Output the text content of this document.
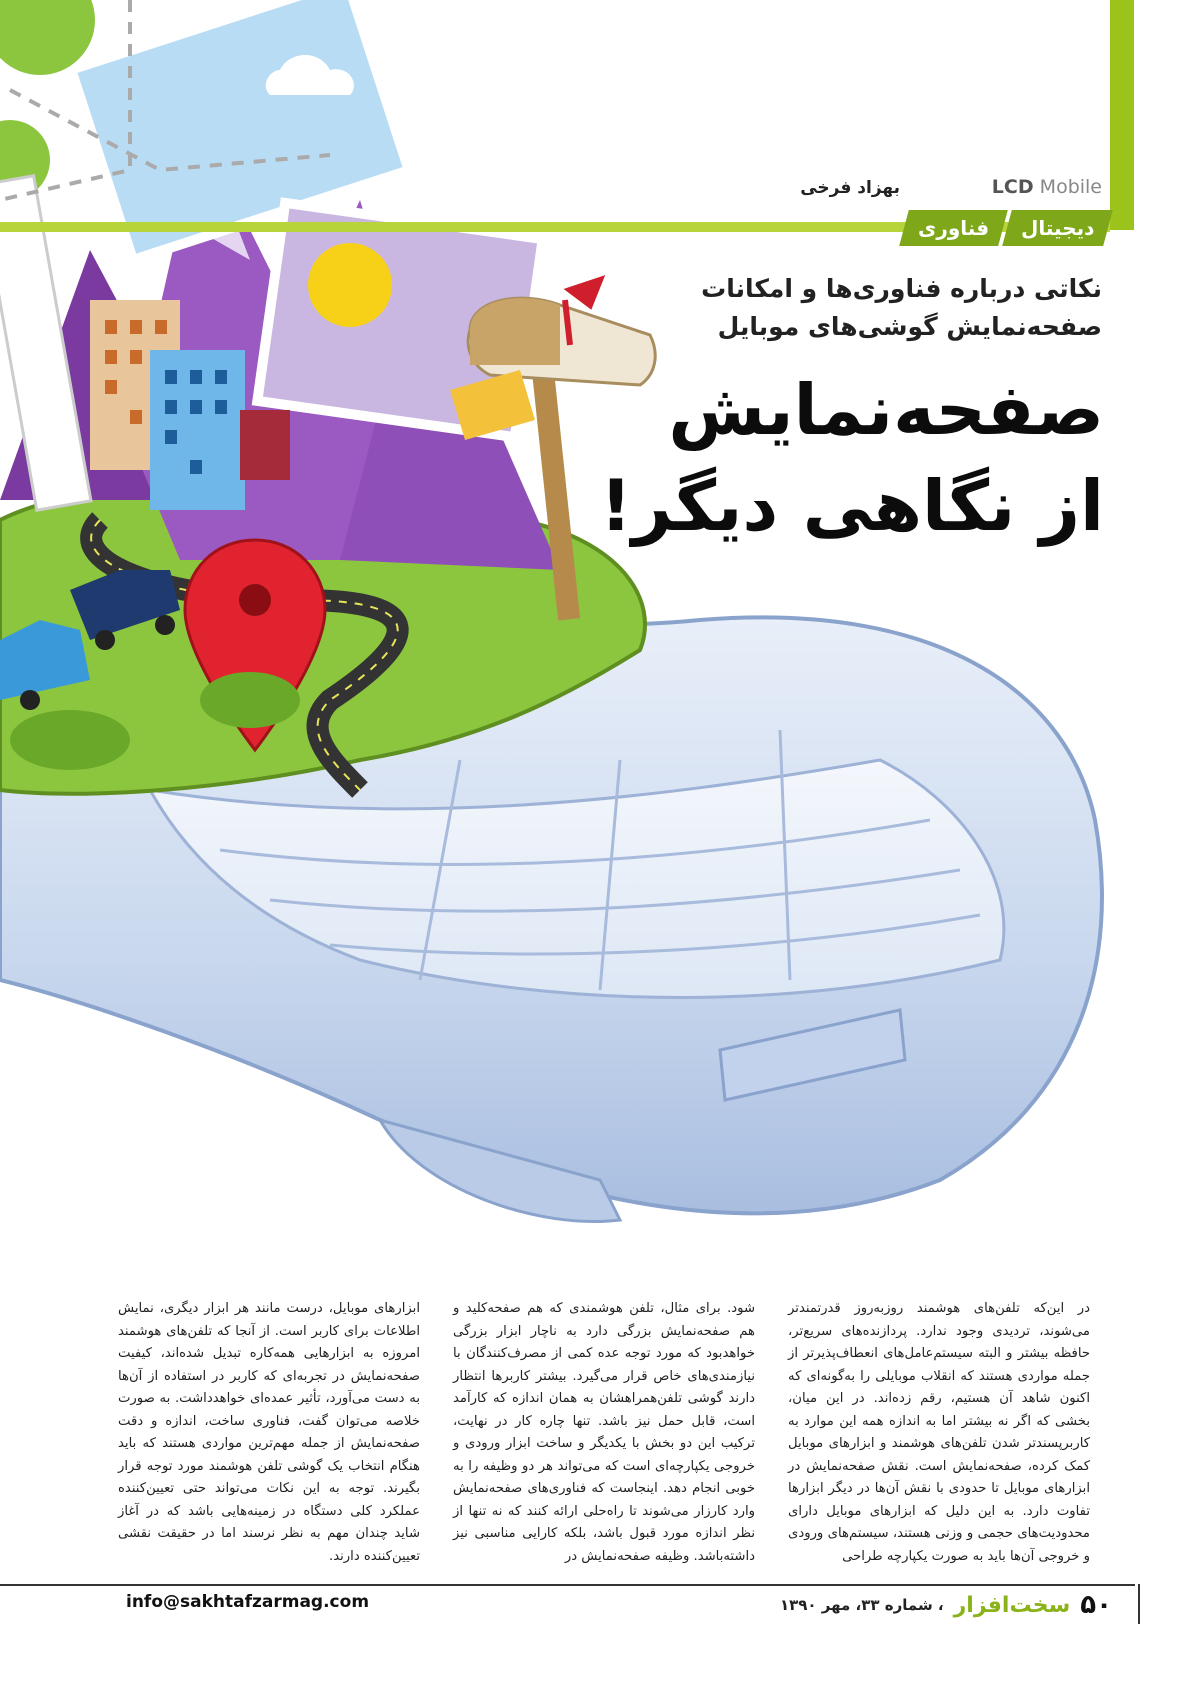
LCD Mobile
بهزاد فرخی
دیجیتال
فناوری
نکاتی درباره فناوری‌ها و امکانات صفحه‌نمایش گوشی‌های موبایل
صفحه‌نمایش
از نگاهی دیگر!
در این‌که تلفن‌های هوشمند روزبه‌روز قدرتمندتر می‌شوند، تردیدی وجود ندارد. پردازنده‌های سریع‌تر، حافظه بیشتر و البته سیستم‌عامل‌های انعطاف‌پذیرتر از جمله مواردی هستند که انقلاب موبایلی را به‌گونه‌ای که اکنون شاهد آن هستیم، رقم زده‌اند. در این میان، بخشی که اگر نه بیشتر اما به اندازه همه این موارد به کاربرپسندتر شدن تلفن‌های هوشمند و ابزارهای موبایل کمک کرده، صفحه‌نمایش است. نقش صفحه‌نمایش در ابزارهای موبایل تا حدودی با نقش آن‌ها در دیگر ابزارها تفاوت دارد. به این دلیل که ابزارهای موبایل دارای محدودیت‌های حجمی و وزنی هستند، سیستم‌های ورودی و خروجی آن‌ها باید به صورت یکپارچه طراحی
شود. برای مثال، تلفن هوشمندی که هم صفحه‌کلید و هم صفحه‌نمایش بزرگی دارد به ناچار ابزار بزرگی خواهدبود که مورد توجه عده کمی از مصرف‌کنندگان با نیازمندی‌های خاص قرار می‌گیرد. بیشتر کاربرها انتظار دارند گوشی تلفن‌همراهشان به همان اندازه که کارآمد است، قابل حمل نیز باشد. تنها چاره کار در نهایت، ترکیب این دو بخش با یکدیگر و ساخت ابزار ورودی و خروجی یکپارچه‌ای است که می‌تواند هر دو وظیفه را به خوبی انجام دهد. اینجاست که فناوری‌های صفحه‌نمایش وارد کارزار می‌شوند تا راه‌حلی ارائه کنند که نه تنها از نظر اندازه مورد قبول باشد، بلکه کارایی مناسبی نیز داشته‌باشد. وظیفه صفحه‌نمایش در
ابزارهای موبایل، درست مانند هر ابزار دیگری، نمایش اطلاعات برای کاربر است. از آنجا که تلفن‌های هوشمند امروزه به ابزارهایی همه‌کاره تبدیل شده‌اند، کیفیت صفحه‌نمایش در تجربه‌ای که کاربر در استفاده از آن‌ها به دست می‌آورد، تأثیر عمده‌ای خواهدداشت. به صورت خلاصه می‌توان گفت، فناوری ساخت، اندازه و دقت صفحه‌نمایش از جمله مهم‌ترین مواردی هستند که باید هنگام انتخاب یک گوشی تلفن هوشمند مورد توجه قرار بگیرند. توجه به این نکات می‌تواند حتی تعیین‌کننده عملکرد کلی دستگاه در زمینه‌هایی باشد که در آغاز شاید چندان مهم به نظر نرسند اما در حقیقت نقشی تعیین‌کننده دارند.
info@sakhtafzarmag.com	۵۰
سخت‌افزار
، شماره ۳۳، مهر ۱۳۹۰
